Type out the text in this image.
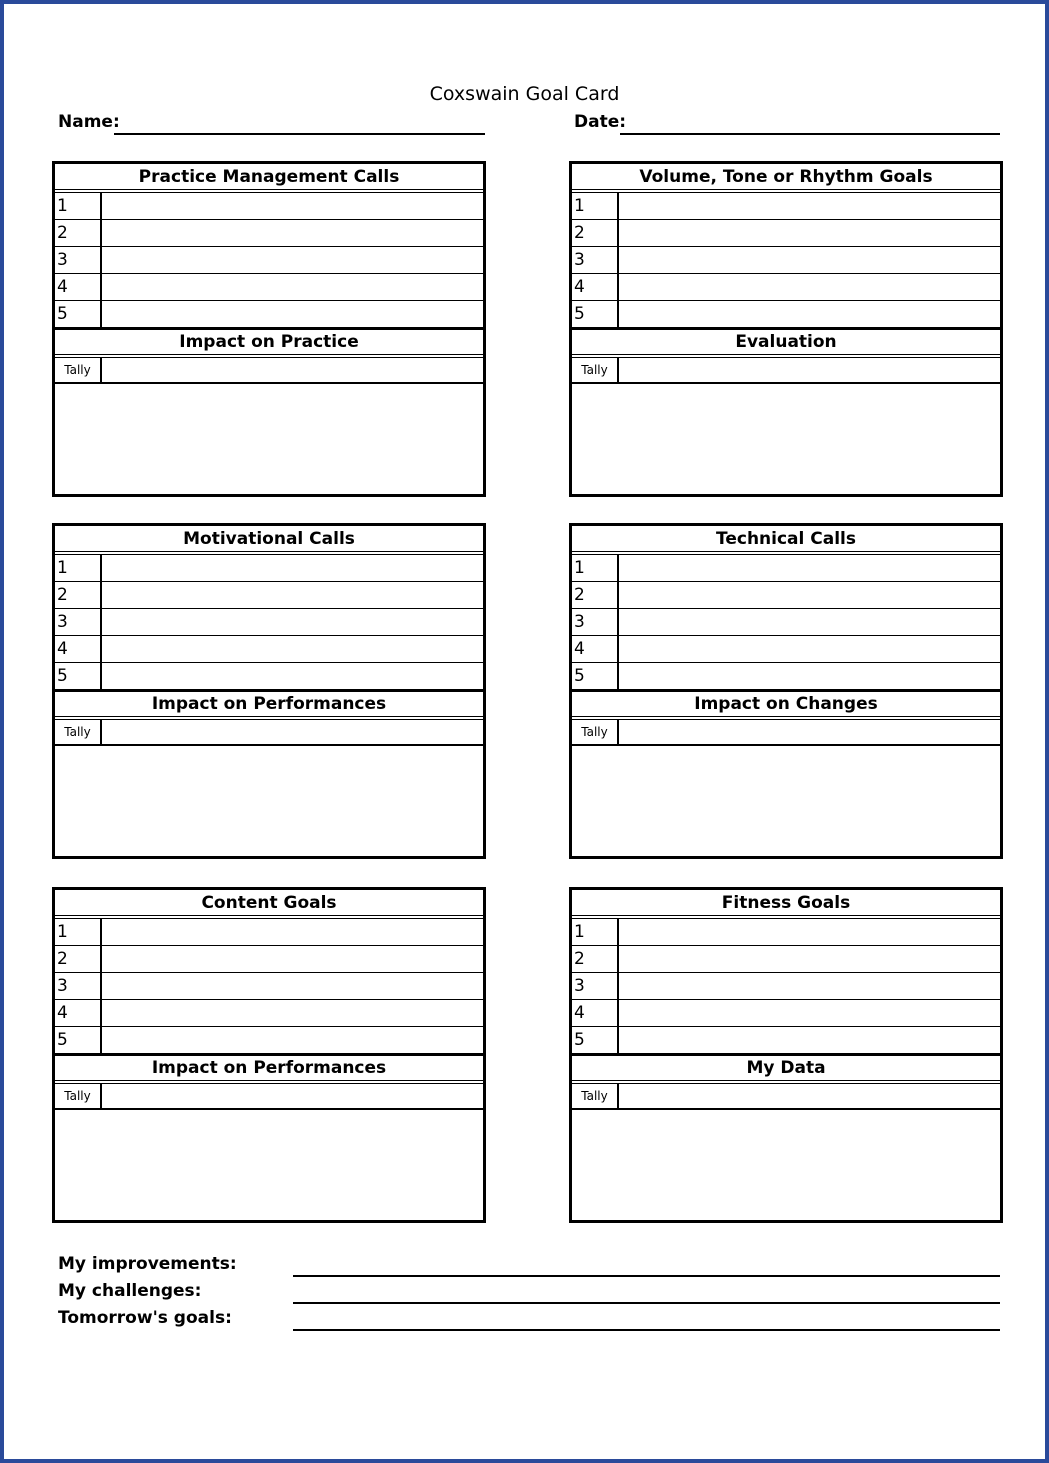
Coxswain Goal Card
Name:	Date:
Practice Management Calls
1
2
3
4
5
Impact on Practice
Tally
Volume, Tone or Rhythm Goals
1
2
3
4
5
Evaluation
Tally
Motivational Calls
1
2
3
4
5
Impact on Performances
Tally
Technical Calls
1
2
3
4
5
Impact on Changes
Tally
Content Goals
1
2
3
4
5
Impact on Performances
Tally
Fitness Goals
1
2
3
4
5
My Data
Tally
My improvements:
My challenges:
Tomorrow's goals:
